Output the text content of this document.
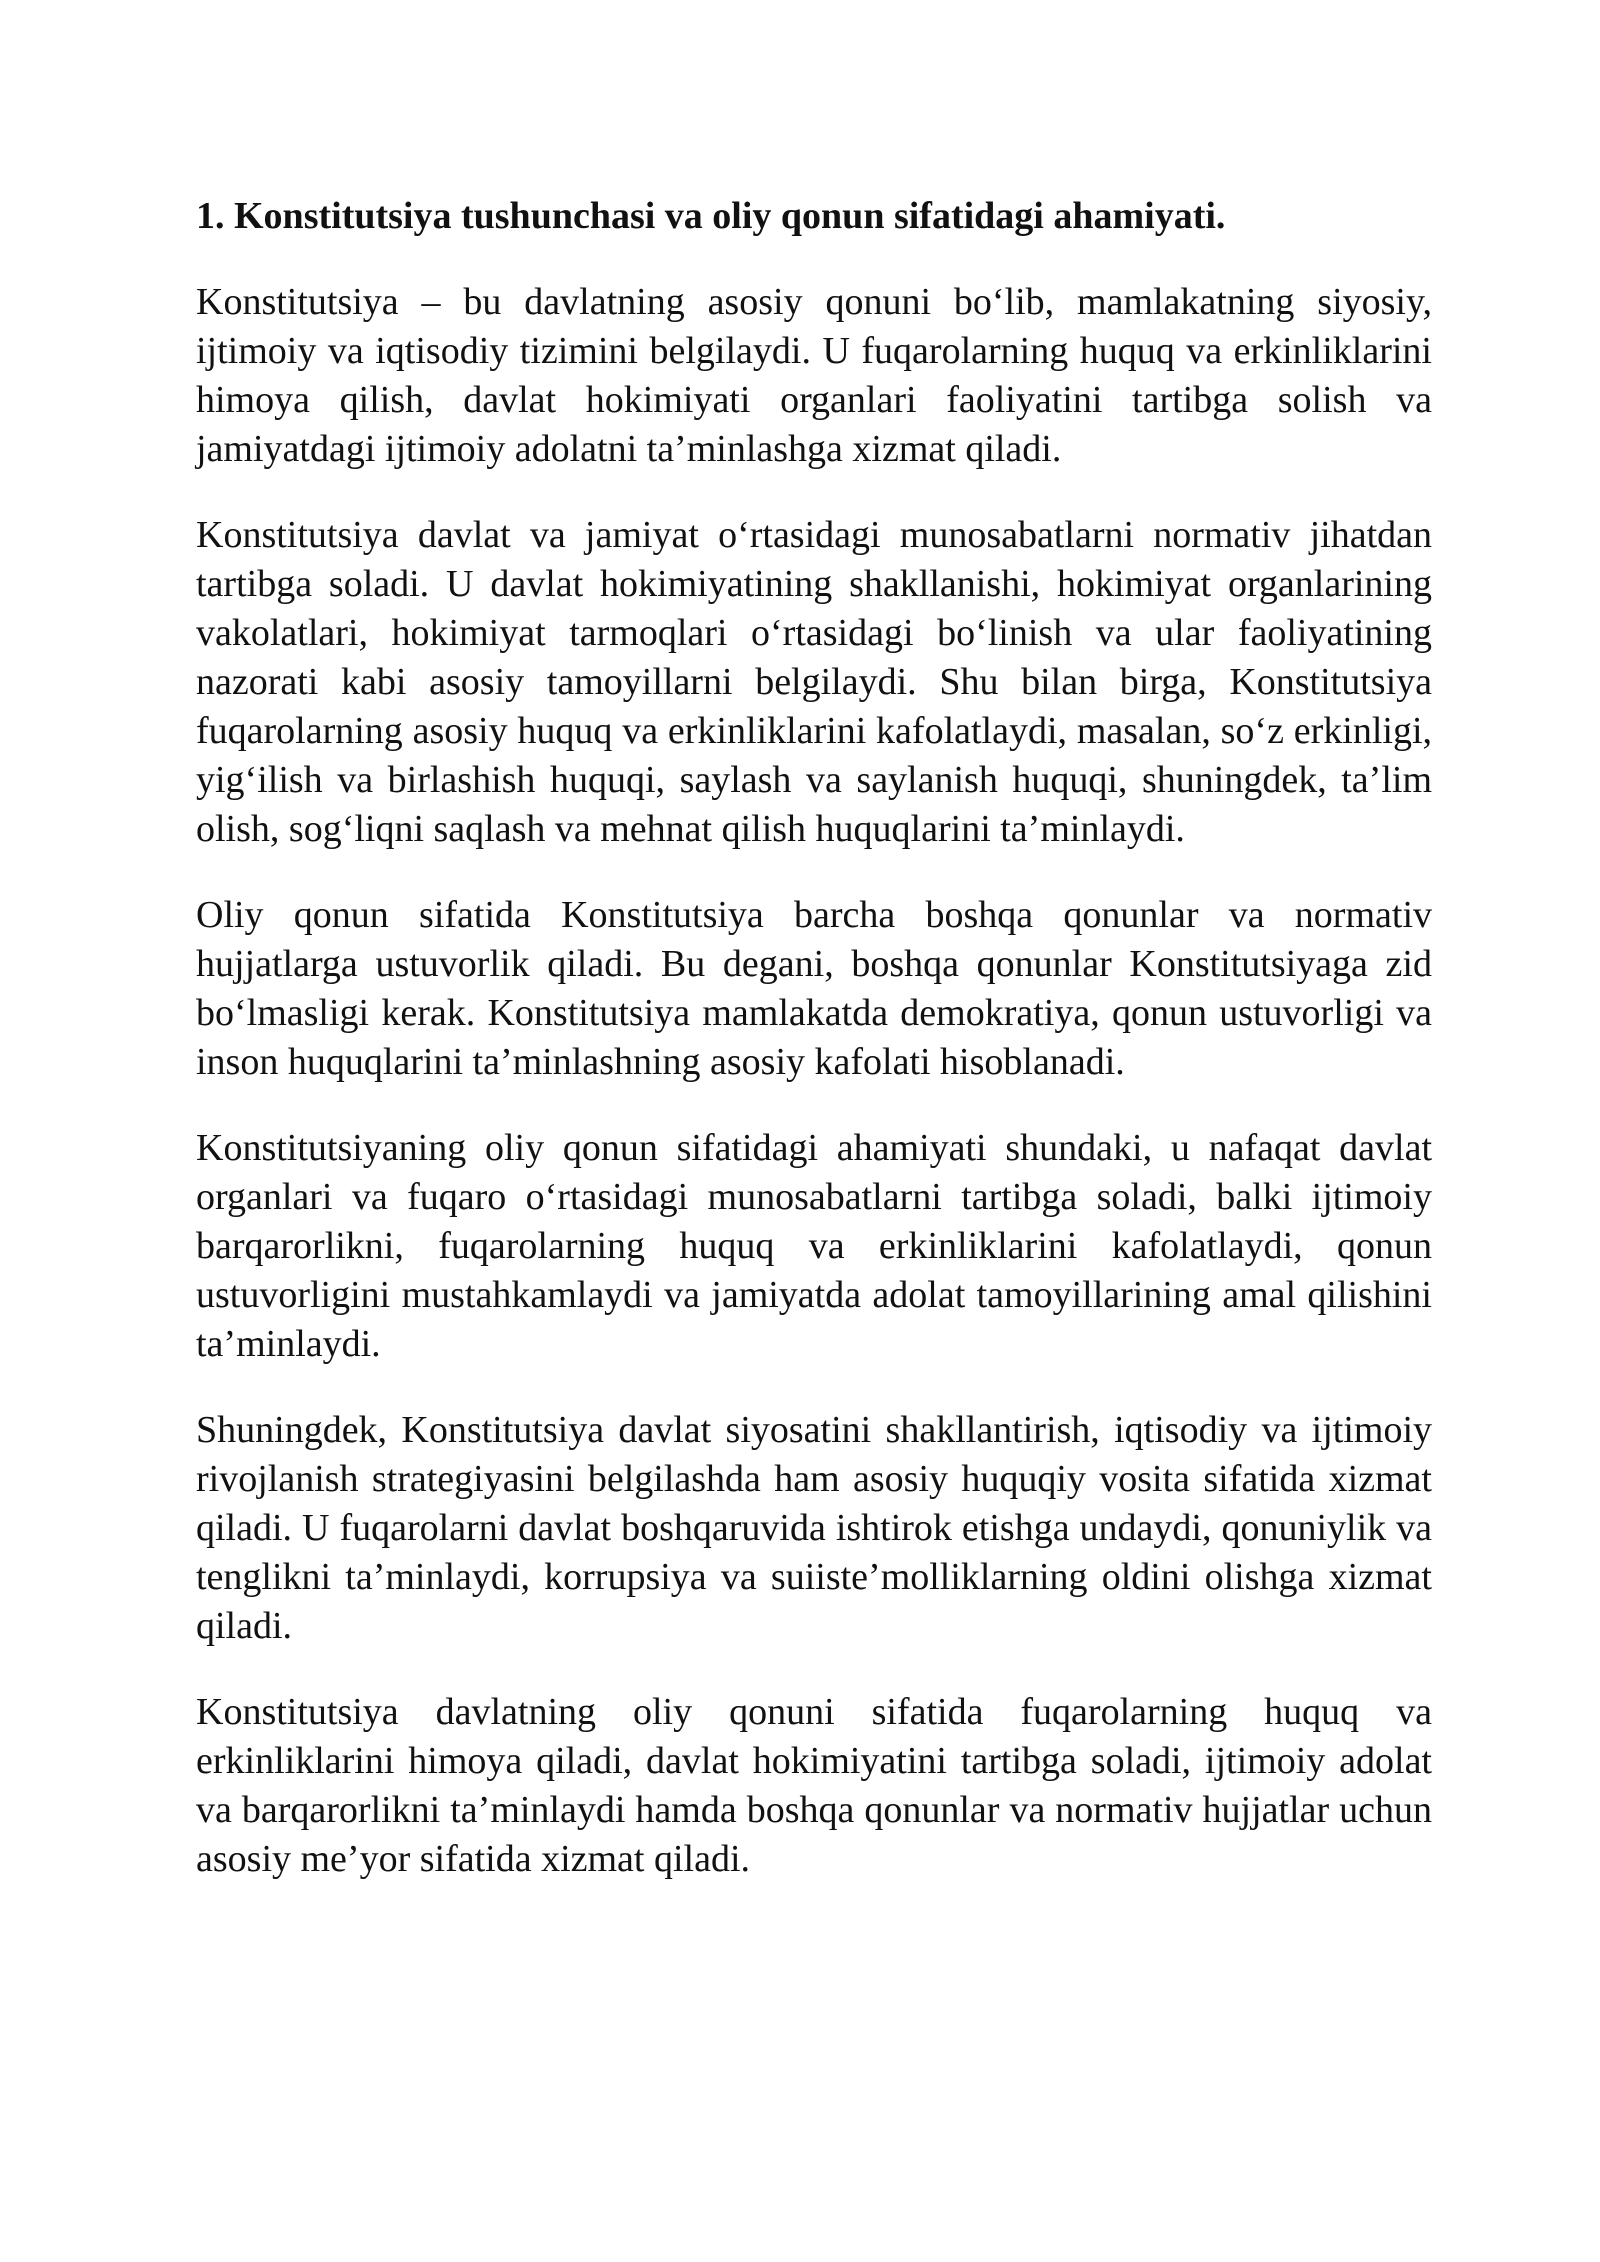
1. Konstitutsiya tushunchasi va oliy qonun sifatidagi ahamiyati.

Konstitutsiya – bu davlatning asosiy qonuni bo‘lib, mamlakatning siyosiy, ijtimoiy va iqtisodiy tizimini belgilaydi. U fuqarolarning huquq va erkinliklarini himoya qilish, davlat hokimiyati organlari faoliyatini tartibga solish va jamiyatdagi ijtimoiy adolatni ta’minlashga xizmat qiladi.

Konstitutsiya davlat va jamiyat o‘rtasidagi munosabatlarni normativ jihatdan tartibga soladi. U davlat hokimiyatining shakllanishi, hokimiyat organlarining vakolatlari, hokimiyat tarmoqlari o‘rtasidagi bo‘linish va ular faoliyatining nazorati kabi asosiy tamoyillarni belgilaydi. Shu bilan birga, Konstitutsiya fuqarolarning asosiy huquq va erkinliklarini kafolatlaydi, masalan, so‘z erkinligi, yig‘ilish va birlashish huquqi, saylash va saylanish huquqi, shuningdek, ta’lim olish, sog‘liqni saqlash va mehnat qilish huquqlarini ta’minlaydi.

Oliy qonun sifatida Konstitutsiya barcha boshqa qonunlar va normativ hujjatlarga ustuvorlik qiladi. Bu degani, boshqa qonunlar Konstitutsiyaga zid bo‘lmasligi kerak. Konstitutsiya mamlakatda demokratiya, qonun ustuvorligi va inson huquqlarini ta’minlashning asosiy kafolati hisoblanadi.

Konstitutsiyaning oliy qonun sifatidagi ahamiyati shundaki, u nafaqat davlat organlari va fuqaro o‘rtasidagi munosabatlarni tartibga soladi, balki ijtimoiy barqarorlikni, fuqarolarning huquq va erkinliklarini kafolatlaydi, qonun ustuvorligini mustahkamlaydi va jamiyatda adolat tamoyillarining amal qilishini ta’minlaydi.

Shuningdek, Konstitutsiya davlat siyosatini shakllantirish, iqtisodiy va ijtimoiy rivojlanish strategiyasini belgilashda ham asosiy huquqiy vosita sifatida xizmat qiladi. U fuqarolarni davlat boshqaruvida ishtirok etishga undaydi, qonuniylik va tenglikni ta’minlaydi, korrupsiya va suiiste’molliklarning oldini olishga xizmat qiladi.

Konstitutsiya davlatning oliy qonuni sifatida fuqarolarning huquq va erkinliklarini himoya qiladi, davlat hokimiyatini tartibga soladi, ijtimoiy adolat va barqarorlikni ta’minlaydi hamda boshqa qonunlar va normativ hujjatlar uchun asosiy me’yor sifatida xizmat qiladi.
